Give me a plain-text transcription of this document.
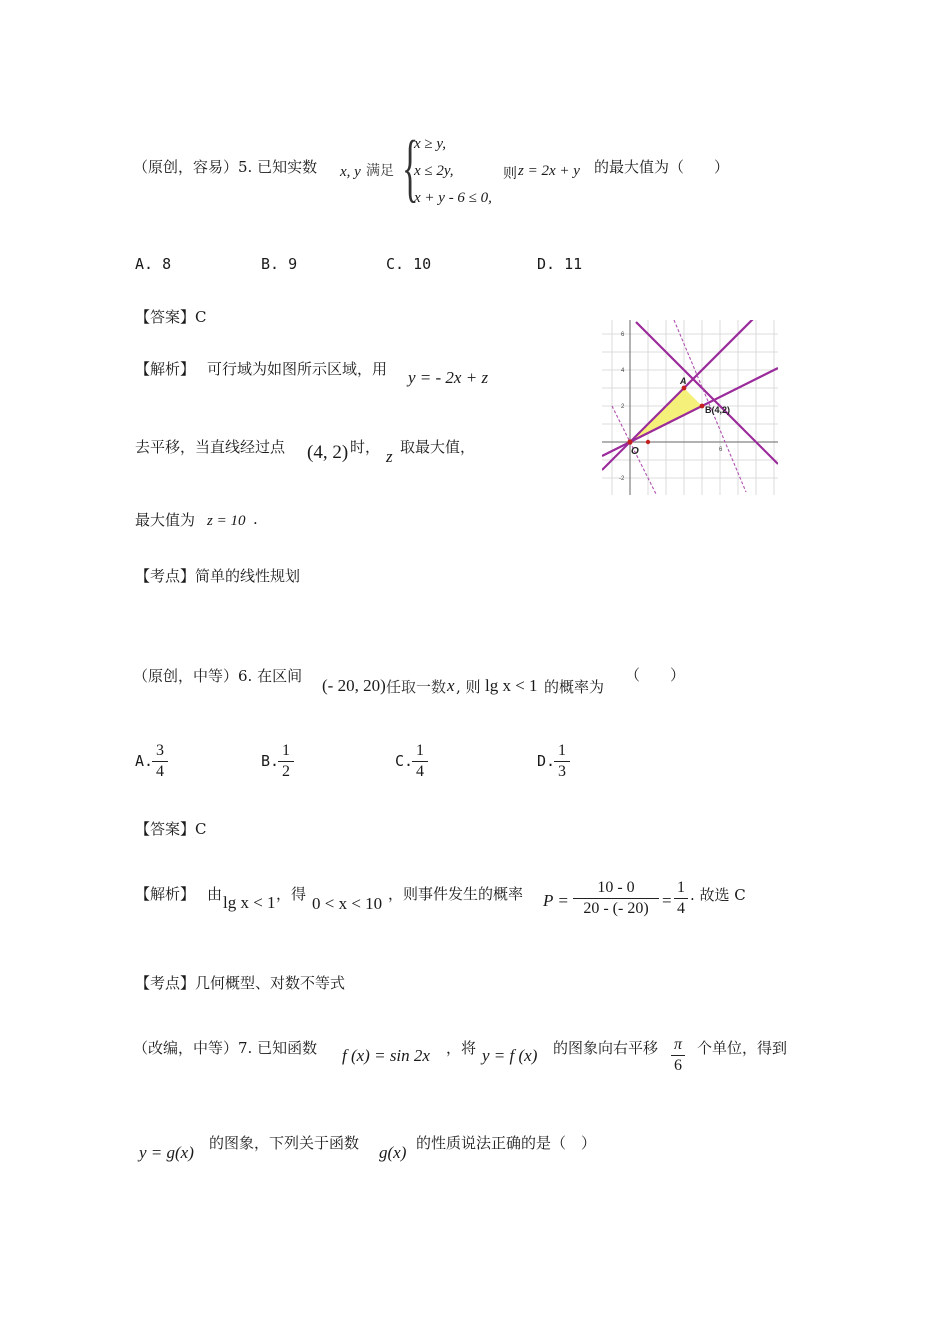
（原创，容易）5. 已知实数 x, y 满足 {
x ≥ y,
x ≤ 2y,
x + y - 6 ≤ 0,
则 z = 2x + y 的最大值为（　　）
A. 8	B. 9	C. 10	D. 11
【答案】C
【解析】 可行域为如图所示区域，用 y = - 2x + z
去平移，当直线经过点 (4, 2) 时， z 取最大值，
最大值为 z = 10 .
【考点】简单的线性规划
O
A
B(4,2)
6
4
2
-2
6
（原创，中等）6. 在区间 (- 20, 20) 任取一数 x , 则 lg x < 1 的概率为
（　　）
A.
3
4
B.
1
2
C.
1
4
D.
1
3
【答案】C
【解析】 由 lg x < 1 ，得 0 < x < 10 ，则事件发生的概率 P =
10 - 0
20 - (- 20) =
1
4
. 故选 C
【考点】几何概型、对数不等式
（改编，中等）7. 已知函数 f (x) = sin 2x ，将 y = f (x) 的图象向右平移 π
6
个单位，得到
y = g(x) 的图象，下列关于函数 g(x) 的性质说法正确的是（　）
